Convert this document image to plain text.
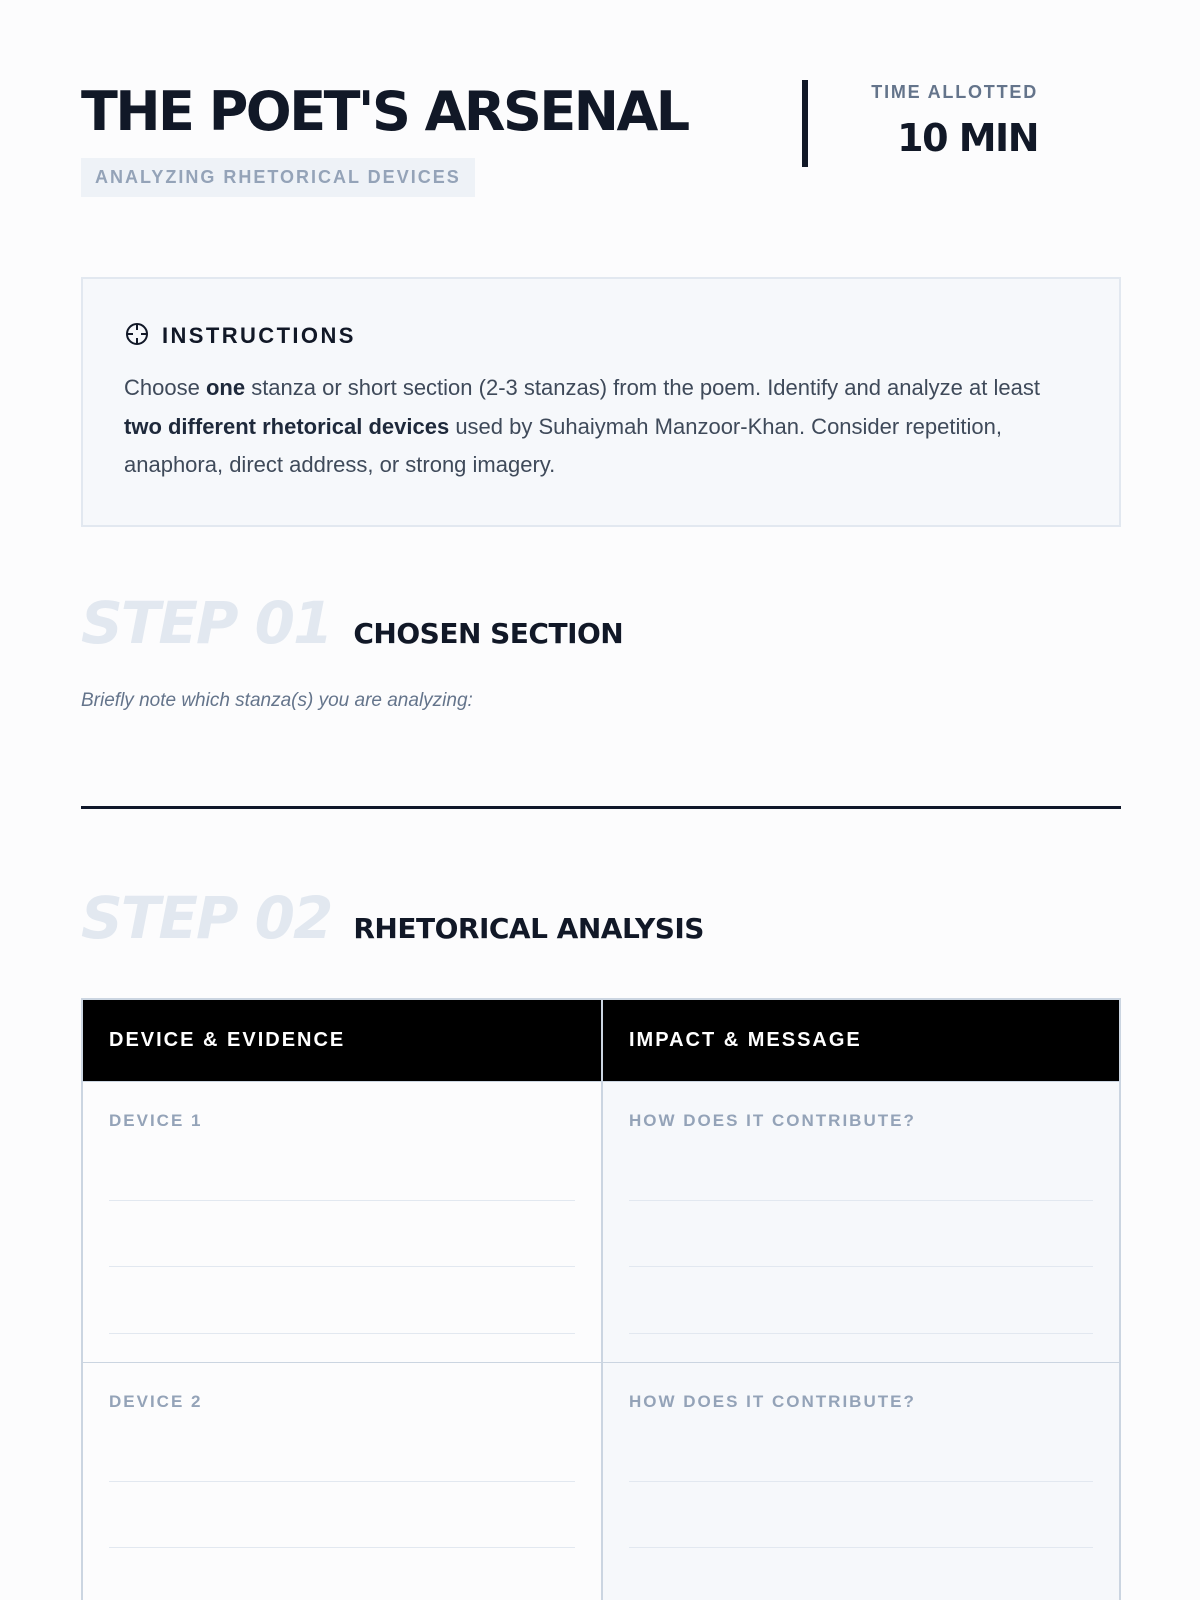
THE POET'S ARSENAL
ANALYZING RHETORICAL DEVICES
TIME ALLOTTED
10 MIN
INSTRUCTIONS

Choose one stanza or short section (2-3 stanzas) from the poem. Identify and analyze at least two different rhetorical devices used by Suhaiymah Manzoor-Khan. Consider repetition, anaphora, direct address, or strong imagery.

STEP 01 CHOSEN SECTION
Briefly note which stanza(s) you are analyzing:
STEP 02 RHETORICAL ANALYSIS
DEVICE & EVIDENCE	IMPACT & MESSAGE
DEVICE 1	HOW DOES IT CONTRIBUTE?
DEVICE 2	HOW DOES IT CONTRIBUTE?
